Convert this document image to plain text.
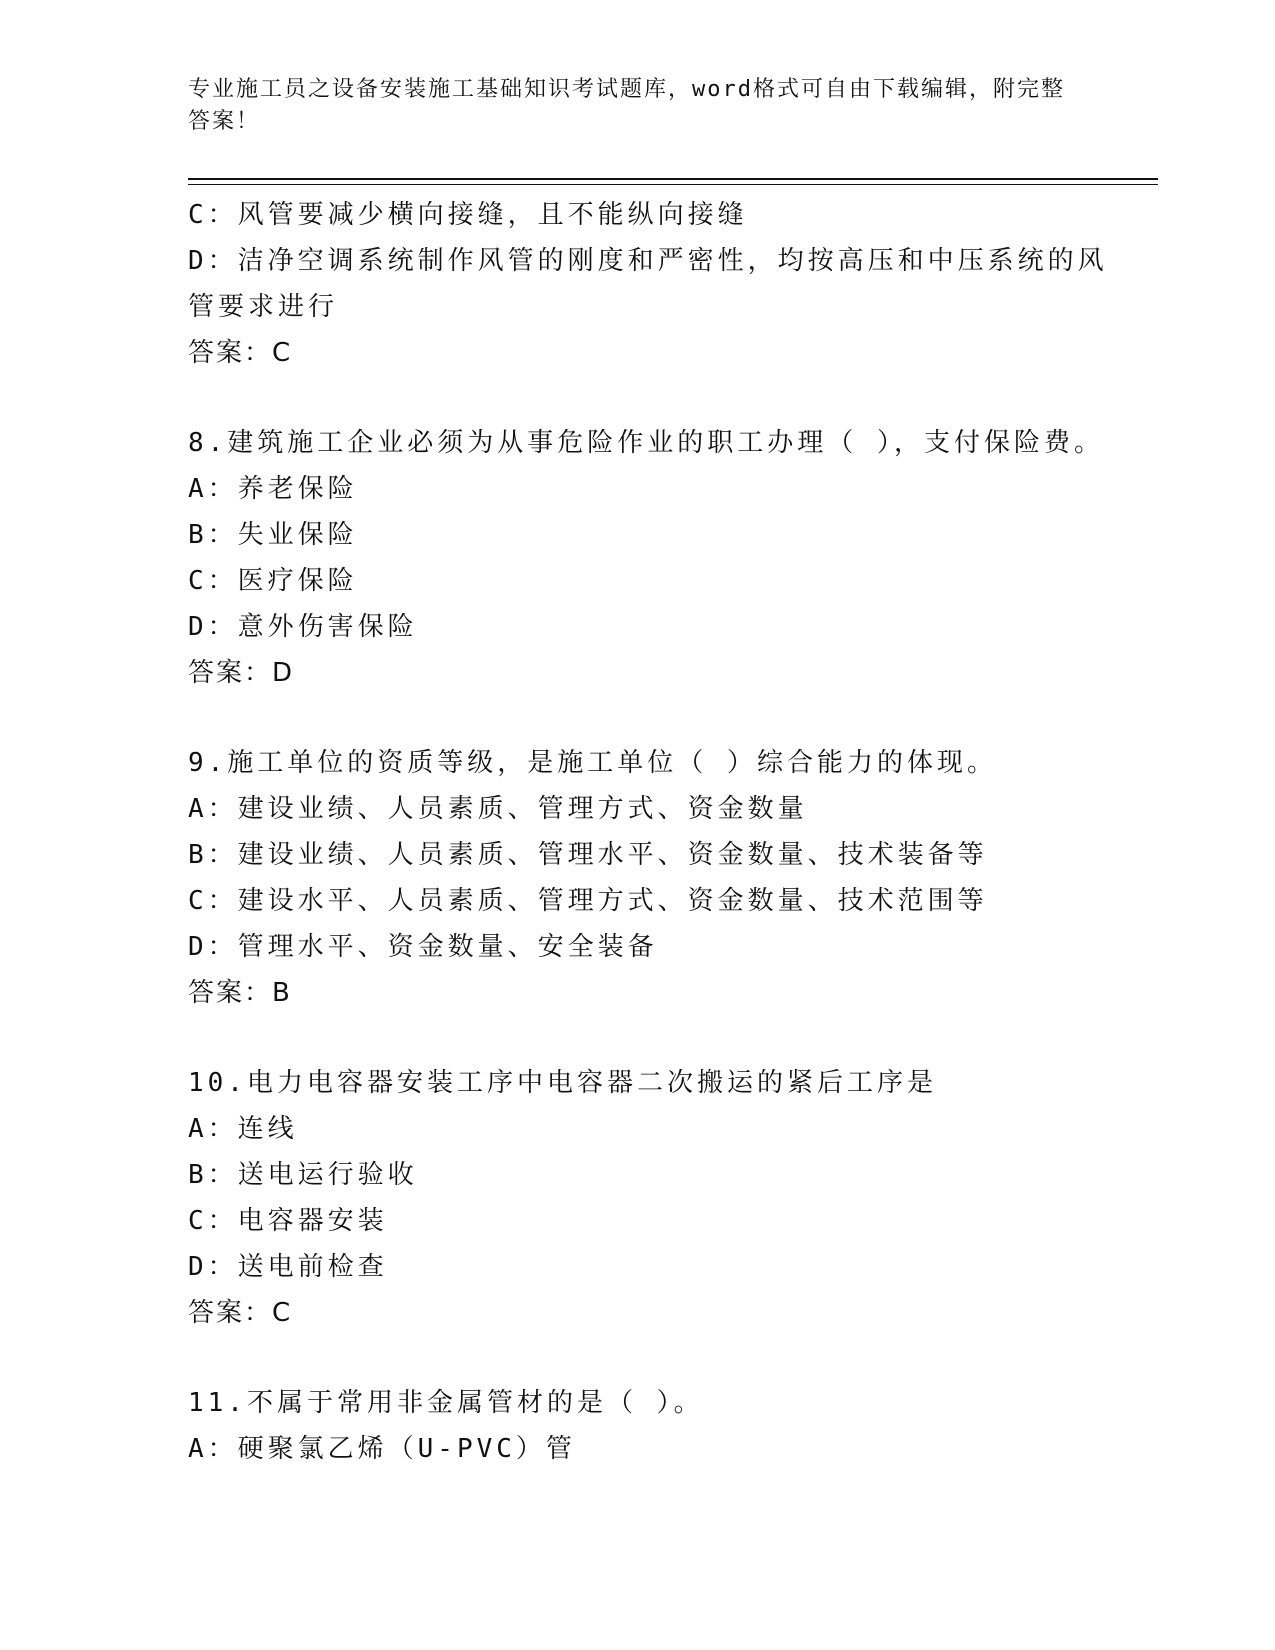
专业施工员之设备安装施工基础知识考试题库，word格式可自由下载编辑，附完整答案！
C：风管要减少横向接缝，且不能纵向接缝
D：洁净空调系统制作风管的刚度和严密性，均按高压和中压系统的风
管要求进行
答案：C
8.建筑施工企业必须为从事危险作业的职工办理（ ），支付保险费。
A：养老保险
B：失业保险
C：医疗保险
D：意外伤害保险
答案：D
9.施工单位的资质等级，是施工单位（ ）综合能力的体现。
A：建设业绩、人员素质、管理方式、资金数量
B：建设业绩、人员素质、管理水平、资金数量、技术装备等
C：建设水平、人员素质、管理方式、资金数量、技术范围等
D：管理水平、资金数量、安全装备
答案：B
10.电力电容器安装工序中电容器二次搬运的紧后工序是
A：连线
B：送电运行验收
C：电容器安装
D：送电前检查
答案：C
11.不属于常用非金属管材的是（ ）。
A：硬聚氯乙烯（U-PVC）管
